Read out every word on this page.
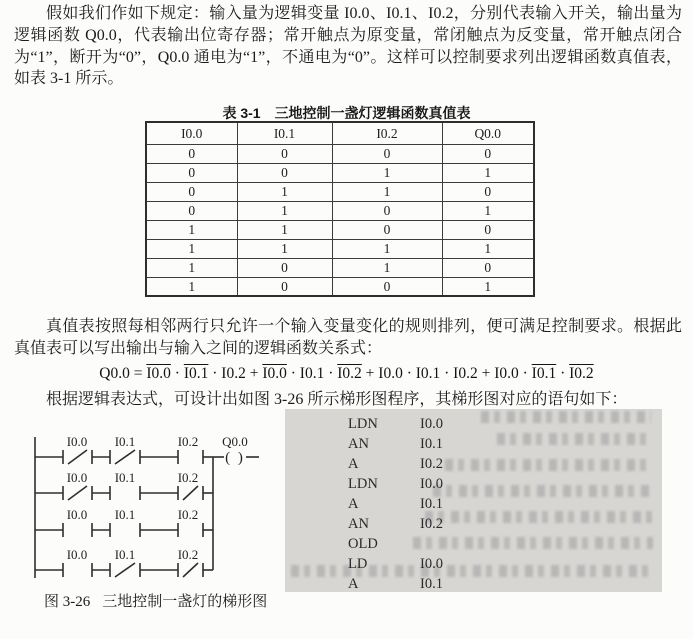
假如我们作如下规定：输入量为逻辑变量 I0.0、I0.1、I0.2，分别代表输入开关，输出量为逻辑函数 Q0.0，代表输出位寄存器；常开触点为原变量，常闭触点为反变量，常开触点闭合为“1”，断开为“0”，Q0.0 通电为“1”，不通电为“0”。这样可以控制要求列出逻辑函数真值表，如表 3-1 所示。

表 3-1 三地控制一盏灯逻辑函数真值表
I0.0	I0.1	I0.2	Q0.0
0	0	0	0
0	0	1	1
0	1	1	0
0	1	0	1
1	1	0	0
1	1	1	1
1	0	1	0
1	0	0	1

真值表按照每相邻两行只允许一个输入变量变化的规则排列，便可满足控制要求。根据此真值表可以写出输出与输入之间的逻辑函数关系式：

Q0.0 = I0.0 · I0.1 · I0.2 + I0.0 · I0.1 · I0.2 + I0.0 · I0.1 · I0.2 + I0.0 · I0.1 · I0.2

根据逻辑表达式，可设计出如图 3-26 所示梯形图程序，其梯形图对应的语句如下：

( )
I0.0 I0.1	I0.2 Q0.0
I0.0 I0.1	I0.2
I0.0 I0.1	I0.2
I0.0 I0.1	I0.2
图 3-26 三地控制一盏灯的梯形图
LDN	I0.0
AN	I0.1
A	I0.2
LDN	I0.0
A	I0.1
AN	I0.2
OLD
LD	I0.0
A	I0.1
